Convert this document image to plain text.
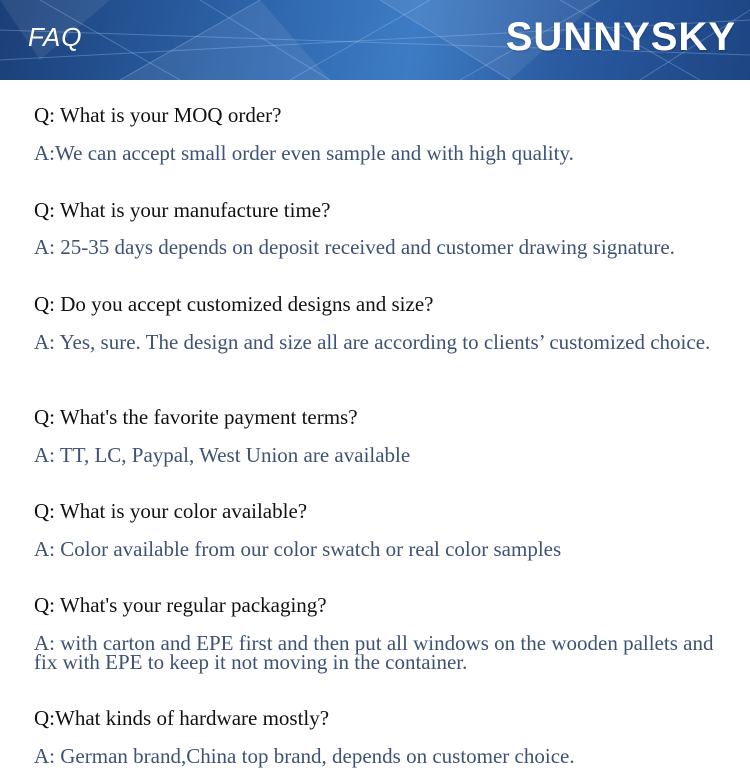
FAQ	SUNNYSKY

Q: What is your MOQ order?

A:We can accept small order even sample and with high quality.

Q: What is your manufacture time?

A: 25-35 days depends on deposit received and customer drawing signature.

Q: Do you accept customized designs and size?

A: Yes, sure. The design and size all are according to clients’ customized choice.

Q: What's the favorite payment terms?

A: TT, LC, Paypal, West Union are available

Q: What is your color available?

A: Color available from our color swatch or real color samples

Q: What's your regular packaging?

A: with carton and EPE first and then put all windows on the wooden pallets and fix with EPE to keep it not moving in the container.

Q:What kinds of hardware mostly?

A: German brand,China top brand, depends on customer choice.
